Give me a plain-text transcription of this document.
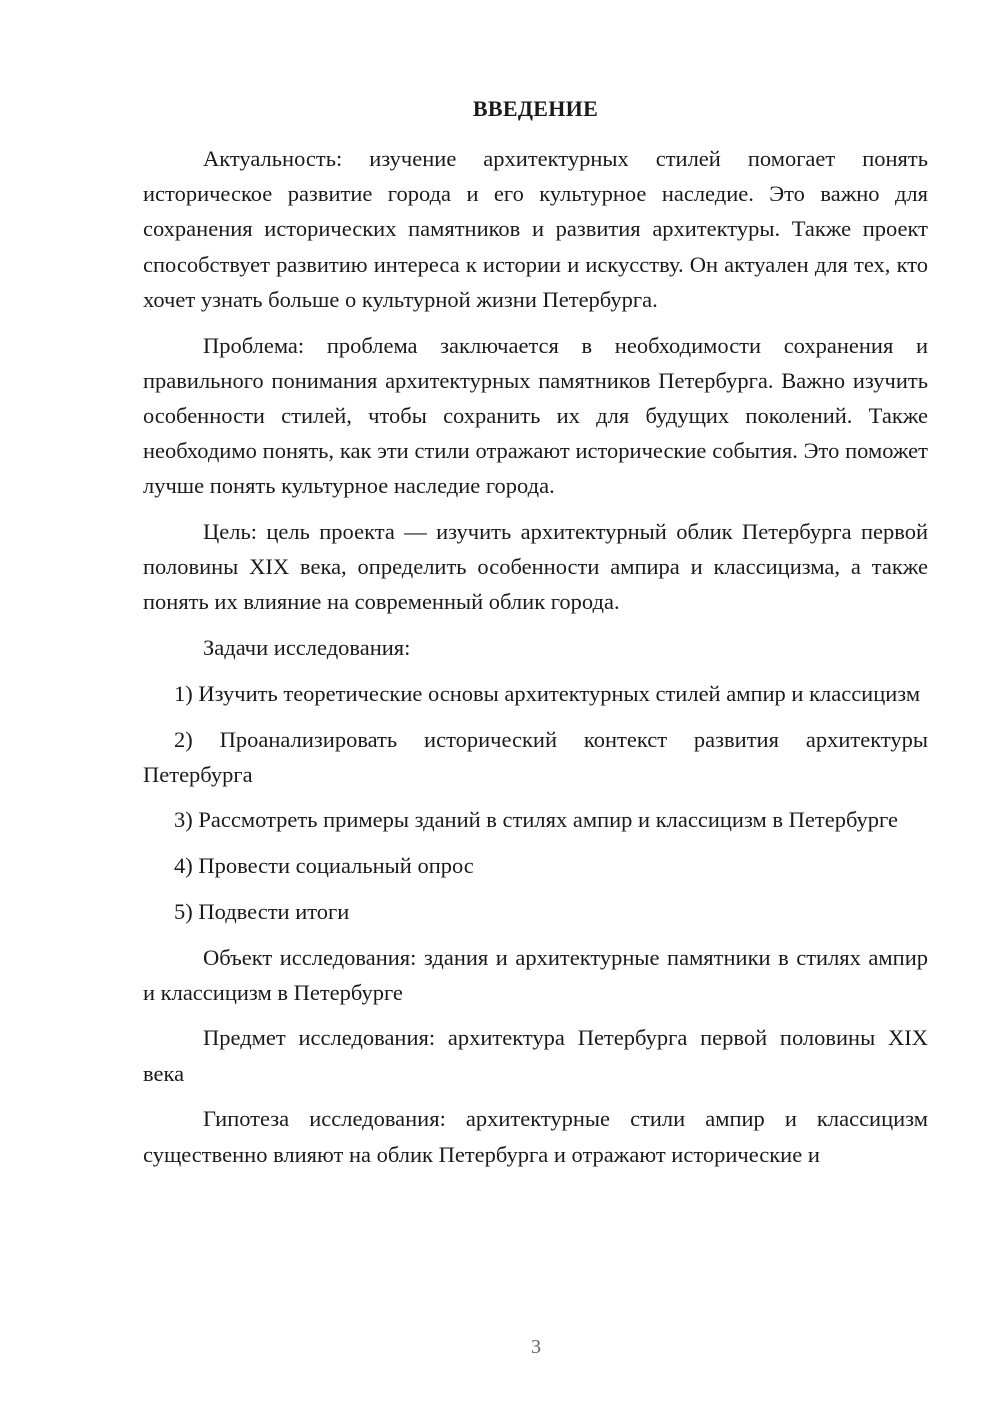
ВВЕДЕНИЕ

Актуальность: изучение архитектурных стилей помогает понять историческое развитие города и его культурное наследие. Это важно для сохранения исторических памятников и развития архитектуры. Также проект способствует развитию интереса к истории и искусству. Он актуален для тех, кто хочет узнать больше о культурной жизни Петербурга.

Проблема: проблема заключается в необходимости сохранения и правильного понимания архитектурных памятников Петербурга. Важно изучить особенности стилей, чтобы сохранить их для будущих поколений. Также необходимо понять, как эти стили отражают исторические события. Это поможет лучше понять культурное наследие города.

Цель: цель проекта — изучить архитектурный облик Петербурга первой половины XIX века, определить особенности ампира и классицизма, а также понять их влияние на современный облик города.

Задачи исследования:

1) Изучить теоретические основы архитектурных стилей ампир и классицизм

2) Проанализировать исторический контекст развития архитектуры Петербурга

3) Рассмотреть примеры зданий в стилях ампир и классицизм в Петербурге

4) Провести социальный опрос

5) Подвести итоги

Объект исследования: здания и архитектурные памятники в стилях ампир и классицизм в Петербурге

Предмет исследования: архитектура Петербурга первой половины XIX века

Гипотеза исследования: архитектурные стили ампир и классицизм существенно влияют на облик Петербурга и отражают исторические и

3
